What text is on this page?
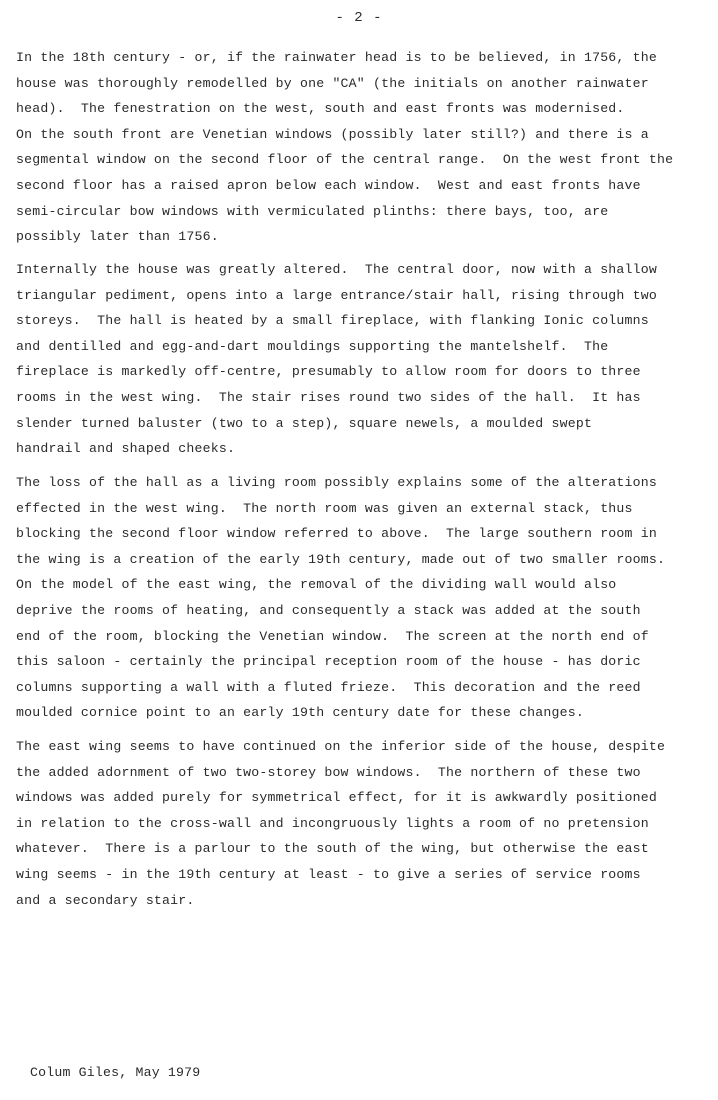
- 2 -
In the 18th century - or, if the rainwater head is to be believed, in 1756, the
house was thoroughly remodelled by one "CA" (the initials on another rainwater
head).  The fenestration on the west, south and east fronts was modernised.
On the south front are Venetian windows (possibly later still?) and there is a
segmental window on the second floor of the central range.  On the west front the
second floor has a raised apron below each window.  West and east fronts have
semi-circular bow windows with vermiculated plinths: there bays, too, are
possibly later than 1756.
Internally the house was greatly altered.  The central door, now with a shallow
triangular pediment, opens into a large entrance/stair hall, rising through two
storeys.  The hall is heated by a small fireplace, with flanking Ionic columns
and dentilled and egg-and-dart mouldings supporting the mantelshelf.  The
fireplace is markedly off-centre, presumably to allow room for doors to three
rooms in the west wing.  The stair rises round two sides of the hall.  It has
slender turned baluster (two to a step), square newels, a moulded swept
handrail and shaped cheeks.
The loss of the hall as a living room possibly explains some of the alterations
effected in the west wing.  The north room was given an external stack, thus
blocking the second floor window referred to above.  The large southern room in
the wing is a creation of the early 19th century, made out of two smaller rooms.
On the model of the east wing, the removal of the dividing wall would also
deprive the rooms of heating, and consequently a stack was added at the south
end of the room, blocking the Venetian window.  The screen at the north end of
this saloon - certainly the principal reception room of the house - has doric
columns supporting a wall with a fluted frieze.  This decoration and the reed
moulded cornice point to an early 19th century date for these changes.
The east wing seems to have continued on the inferior side of the house, despite
the added adornment of two two-storey bow windows.  The northern of these two
windows was added purely for symmetrical effect, for it is awkwardly positioned
in relation to the cross-wall and incongruously lights a room of no pretension
whatever.  There is a parlour to the south of the wing, but otherwise the east
wing seems - in the 19th century at least - to give a series of service rooms
and a secondary stair.
Colum Giles, May 1979
